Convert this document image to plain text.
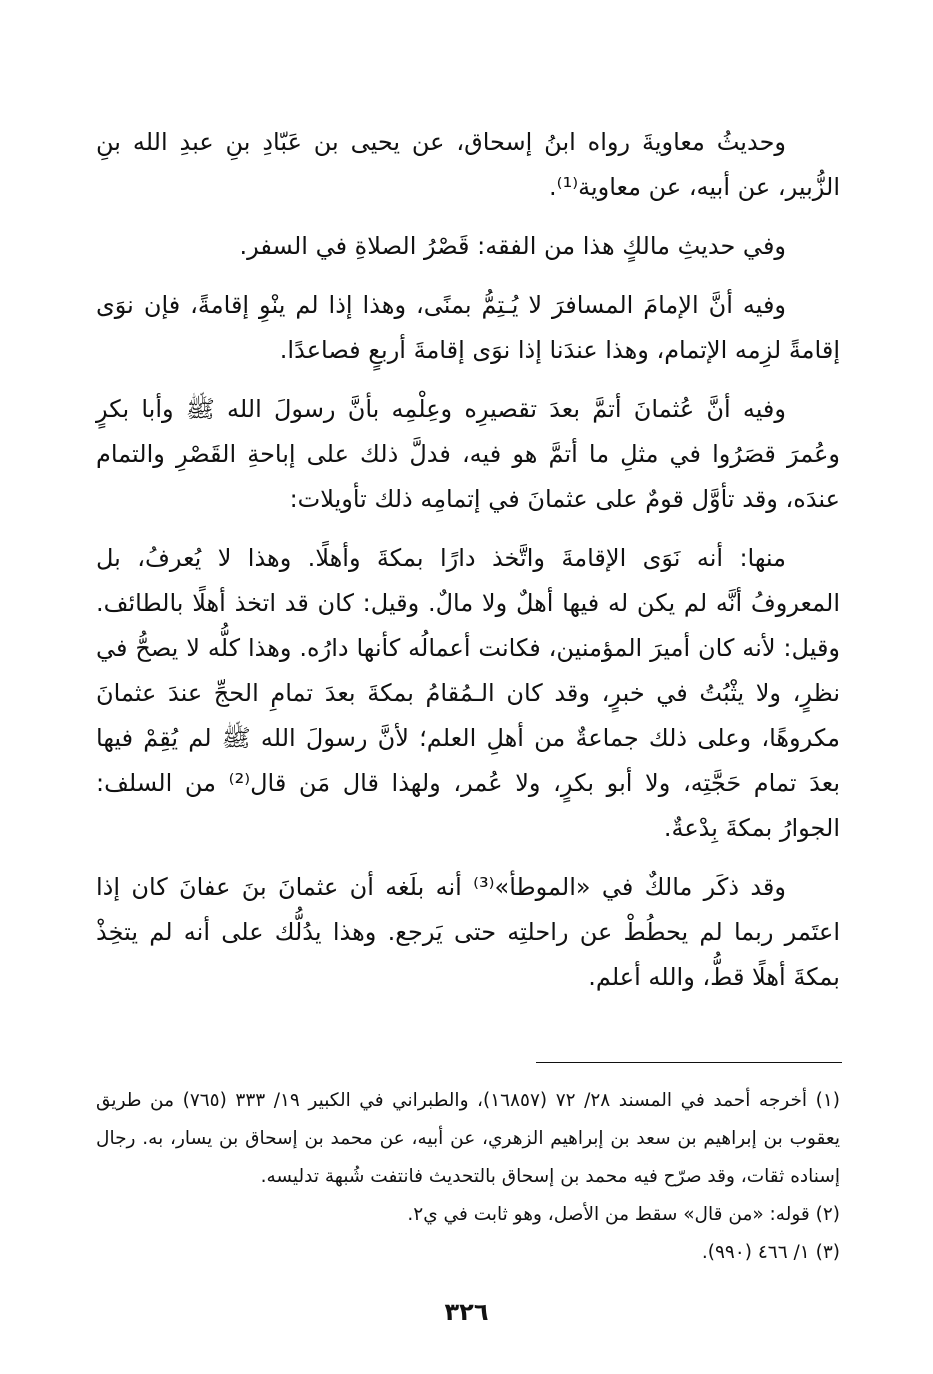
وحديثُ معاويةَ رواه ابنُ إسحاق، عن يحيى بن عَبّادِ بنِ عبدِ الله بنِ الزُّبير، عن أبيه، عن معاوية⁽¹⁾.

وفي حديثِ مالكٍ هذا من الفقه: قَصْرُ الصلاةِ في السفر.

وفيه أنَّ الإمامَ المسافرَ لا يُـتِمُّ بمنًى، وهذا إذا لم ينْوِ إقامةً، فإن نوَى إقامةً لزِمه الإتمام، وهذا عندَنا إذا نوَى إقامةَ أربعٍ فصاعدًا.

وفيه أنَّ عُثمانَ أتمَّ بعدَ تقصيرِه وعِلْمِه بأنَّ رسولَ الله ﷺ وأبا بكرٍ وعُمرَ قصَرُوا في مثلِ ما أتمَّ هو فيه، فدلَّ ذلك على إباحةِ القَصْرِ والتمام عندَه، وقد تأوَّل قومٌ على عثمانَ في إتمامِه ذلك تأويلات:

منها: أنه نَوَى الإقامةَ واتَّخذ دارًا بمكةَ وأهلًا. وهذا لا يُعرفُ، بل المعروفُ أنَّه لم يكن له فيها أهلٌ ولا مالٌ. وقيل: كان قد اتخذ أهلًا بالطائف. وقيل: لأنه كان أميرَ المؤمنين، فكانت أعمالُه كأنها دارُه. وهذا كلُّه لا يصحُّ في نظرٍ، ولا يثْبُتُ في خبرٍ، وقد كان الـمُقامُ بمكةَ بعدَ تمامِ الحجِّ عندَ عثمانَ مكروهًا، وعلى ذلك جماعةٌ من أهلِ العلم؛ لأنَّ رسولَ الله ﷺ لم يُقِمْ فيها بعدَ تمام حَجَّتِه، ولا أبو بكرٍ، ولا عُمر، ولهذا قال مَن قال⁽²⁾ من السلف: الجوارُ بمكةَ بِدْعةٌ.

وقد ذكَر مالكٌ في «الموطأ»⁽³⁾ أنه بلَغه أن عثمانَ بنَ عفانَ كان إذا اعتَمر ربما لم يحطُطْ عن راحلتِه حتى يَرجع. وهذا يدُلُّك على أنه لم يتخِذْ بمكةَ أهلًا قطُّ، والله أعلم.

(١) أخرجه أحمد في المسند ٢٨/ ٧٢ (١٦٨٥٧)، والطبراني في الكبير ١٩/ ٣٣٣ (٧٦٥) من طريق يعقوب بن إبراهيم بن سعد بن إبراهيم الزهري، عن أبيه، عن محمد بن إسحاق بن يسار، به. رجال إسناده ثقات، وقد صرّح فيه محمد بن إسحاق بالتحديث فانتفت شُبهة تدليسه.

(٢) قوله: «من قال» سقط من الأصل، وهو ثابت في ي٢.

(٣) ١/ ٤٦٦ (٩٩٠).

٣٢٦
